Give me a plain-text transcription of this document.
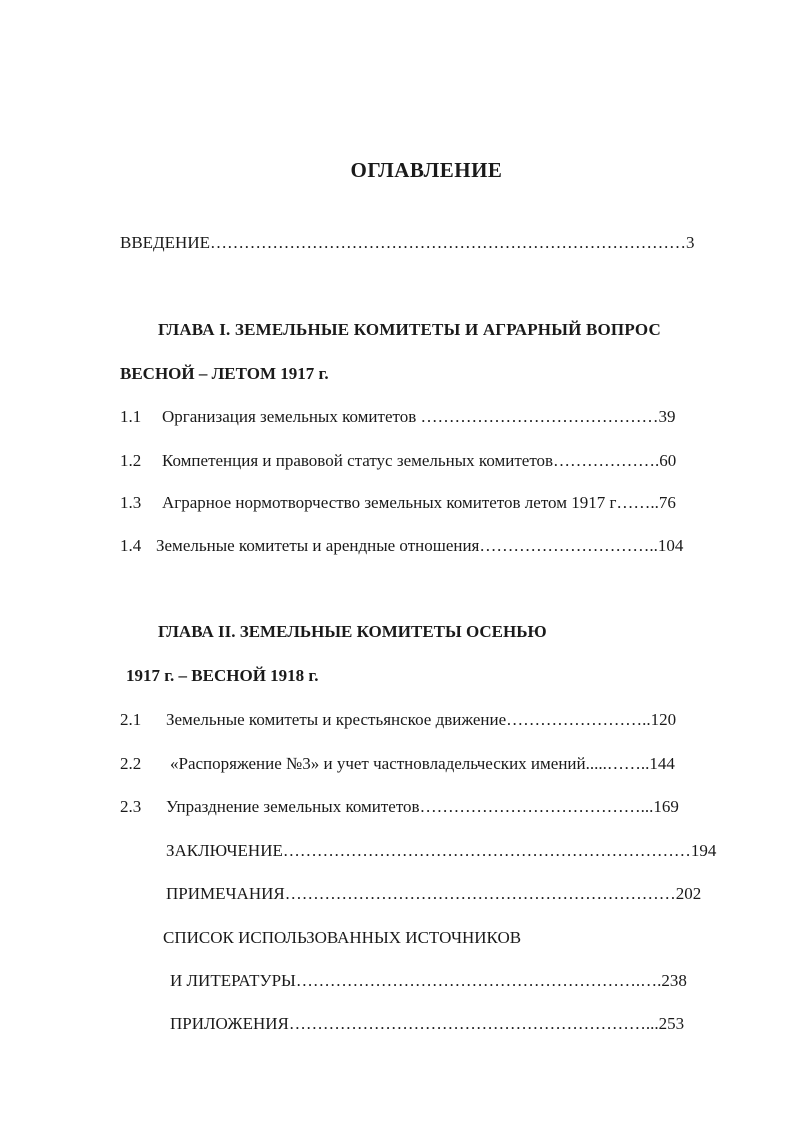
ОГЛАВЛЕНИЕ
ВВЕДЕНИЕ…………………………………………………………………………3
ГЛАВА I. ЗЕМЕЛЬНЫЕ КОМИТЕТЫ И АГРАРНЫЙ ВОПРОС
ВЕСНОЙ – ЛЕТОМ 1917 г.
1.1 Организация земельных комитетов ……………………………………39
1.2 Компетенция и правовой статус земельных комитетов……………….60
1.3 Аграрное нормотворчество земельных комитетов летом 1917 г……..76
1.4 Земельные комитеты и арендные отношения…………………………..104
ГЛАВА II. ЗЕМЕЛЬНЫЕ КОМИТЕТЫ ОСЕНЬЮ
1917 г. – ВЕСНОЙ 1918 г.
2.1 Земельные комитеты и крестьянское движение……………………..120
2.2 «Распоряжение №3» и учет частновладельческих имений.....……..144
2.3 Упразднение земельных комитетов…………………………………...169
ЗАКЛЮЧЕНИЕ………………………………………………………………194
ПРИМЕЧАНИЯ……………………………………………………………202
СПИСОК ИСПОЛЬЗОВАННЫХ ИСТОЧНИКОВ
И ЛИТЕРАТУРЫ…………………………………………………….….238
ПРИЛОЖЕНИЯ………………………………………………………...253
